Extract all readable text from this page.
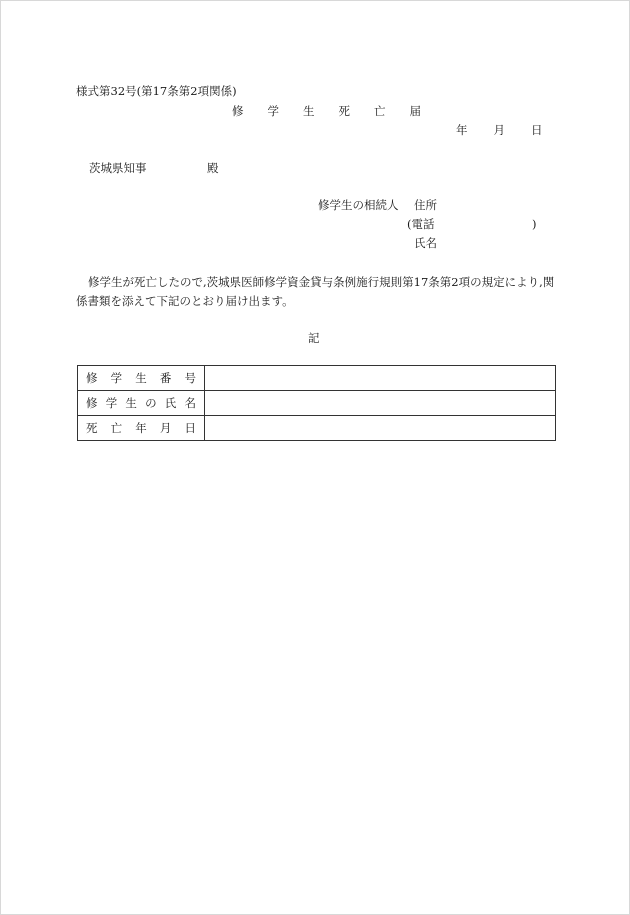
様式第32号(第17条第2項関係)
修 学 生 死 亡 届
年 月 日
茨城県知事	殿
修学生の相続人 住所
(電話	)
氏名
修学生が死亡したので,茨城県医師修学資金貸与条例施行規則第17条第2項の規定により,関係書類を添えて下記のとおり届け出ます。
記
修学生番号	
修学生の氏名	
死亡年月日	
